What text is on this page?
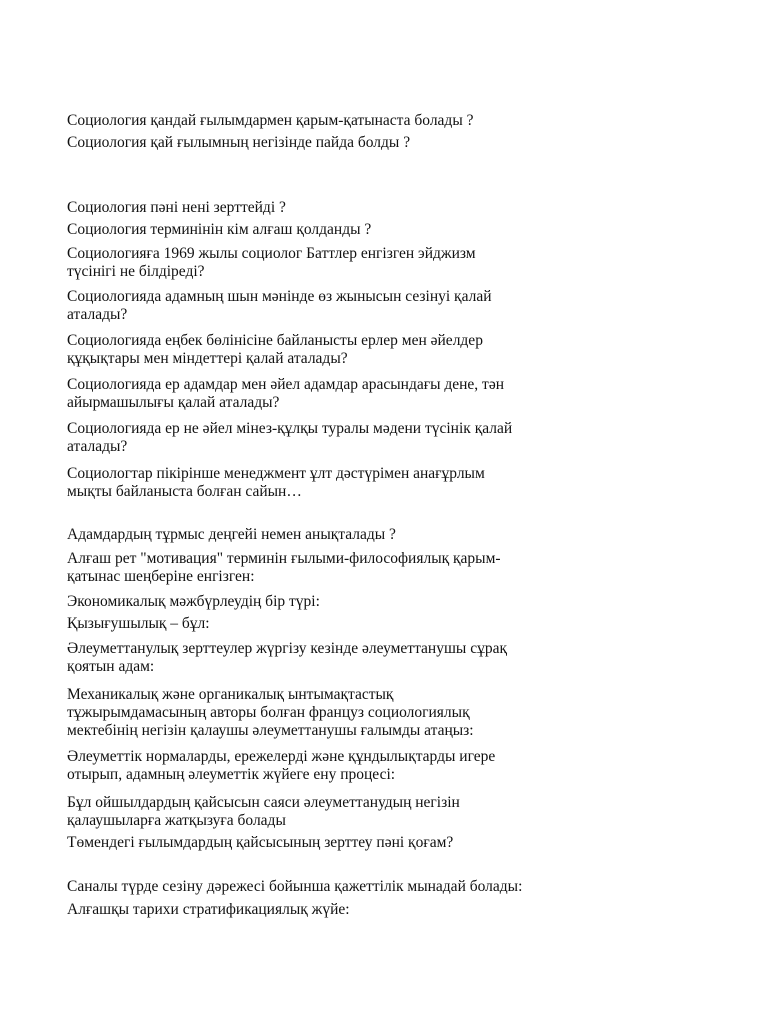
Социология қандай ғылымдармен қарым-қатынаста болады ?

Социология қай ғылымның негізінде пайда болды ?

Социология пәні нені зерттейді ?

Социология терминінін кім алғаш қолданды ?

Социологияға 1969 жылы социолог Баттлер енгізген эйджизм
түсінігі не білдіреді?

Социологияда адамның шын мәнінде өз жынысын сезінуі қалай
аталады?

Социологияда еңбек бөлінісіне байланысты ерлер мен әйелдер
құқықтары мен міндеттері қалай аталады?

Социологияда ер адамдар мен әйел адамдар арасындағы дене, тән
айырмашылығы қалай аталады?

Социологияда ер не әйел мінез-құлқы туралы мәдени түсінік қалай
аталады?

Социологтар пікірінше менеджмент ұлт дәстүрімен анағұрлым
мықты байланыста болған сайын…

Адамдардың тұрмыс деңгейі немен анықталады ?

Алғаш рет "мотивация" терминін ғылыми-философиялық қарым-
қатынас шеңберіне енгізген:

Экономикалық мәжбүрлеудің бір түрі:

Қызығушылық – бұл:

Әлеуметтанулық зерттеулер жүргізу кезінде әлеуметтанушы сұрақ
қоятын адам:

Механикалық және органикалық ынтымақтастық
тұжырымдамасының авторы болған француз социологиялық
мектебінің негізін қалаушы әлеуметтанушы ғалымды атаңыз:

Әлеуметтік нормаларды, ережелерді және құндылықтарды игере
отырып, адамның әлеуметтік жүйеге ену процесі:

Бұл ойшылдардың қайсысын саяси әлеуметтанудың негізін
қалаушыларға жатқызуға болады

Төмендегі ғылымдардың қайсысының зерттеу пәні қоғам?

Саналы түрде сезіну дәрежесі бойынша қажеттілік мынадай болады:

Алғашқы тарихи стратификациялық жүйе:
